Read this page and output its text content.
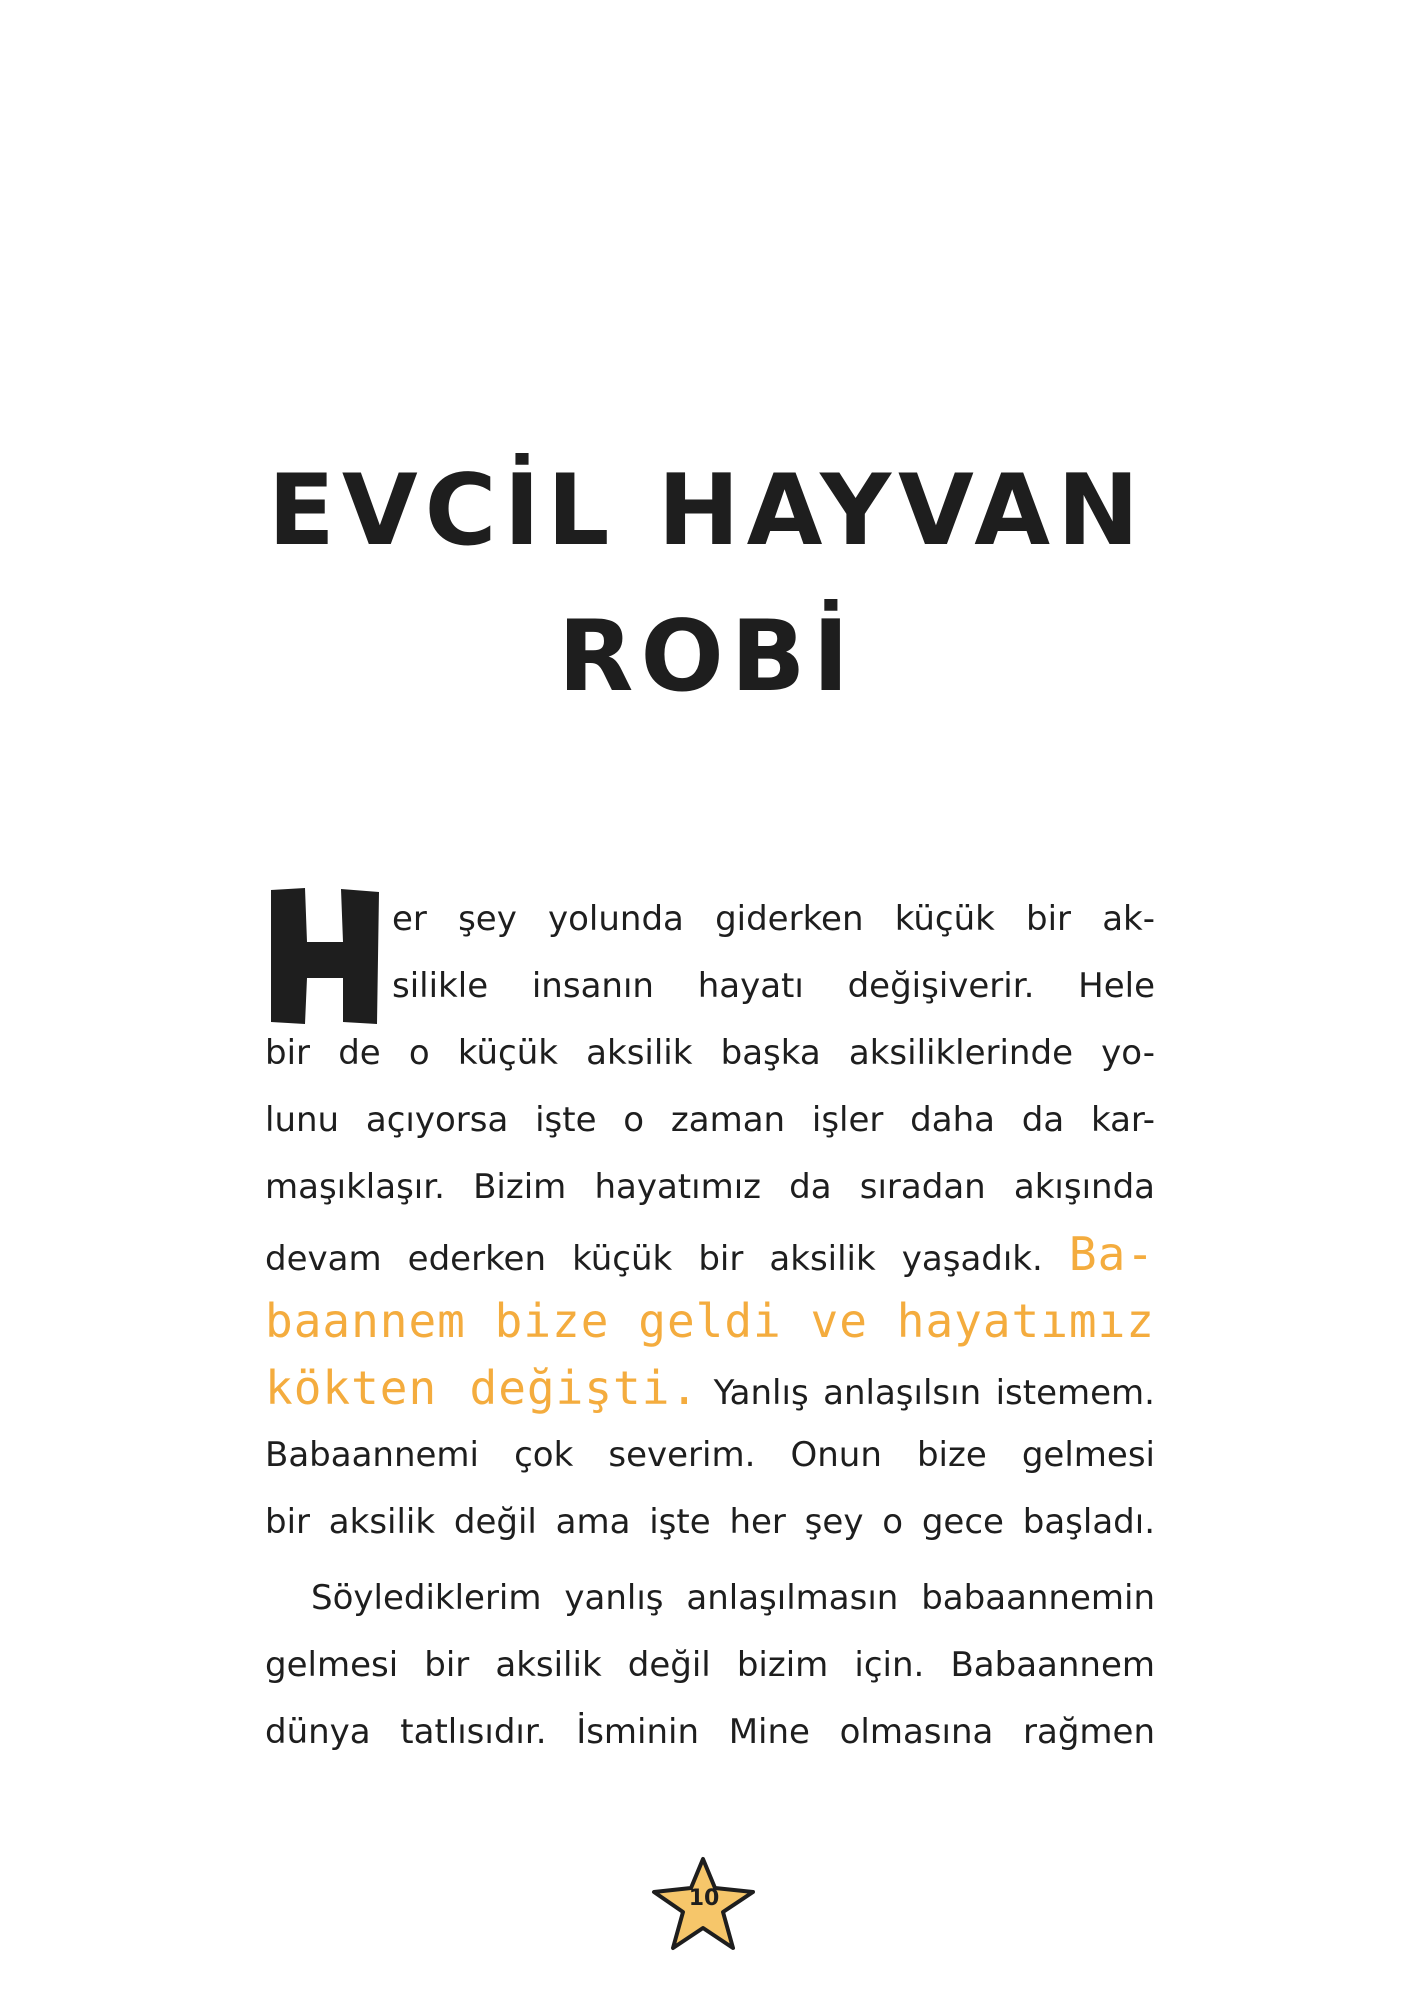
EVCİL HAYVAN
ROBİ
er şey yolunda giderken küçük bir ak-
silikle insanın hayatı değişiverir. Hele
bir de o küçük aksilik başka aksiliklerinde yo-
lunu açıyorsa işte o zaman işler daha da kar-
maşıklaşır. Bizim hayatımız da sıradan akışında
devam ederken küçük bir aksilik yaşadık. Ba-
baannem bize geldi ve hayatımız
kökten değişti. Yanlış anlaşılsın istemem.
Babaannemi çok severim. Onun bize gelmesi
bir aksilik değil ama işte her şey o gece başladı.
Söylediklerim yanlış anlaşılmasın babaannemin
gelmesi bir aksilik değil bizim için. Babaannem
dünya tatlısıdır. İsminin Mine olmasına rağmen
10
